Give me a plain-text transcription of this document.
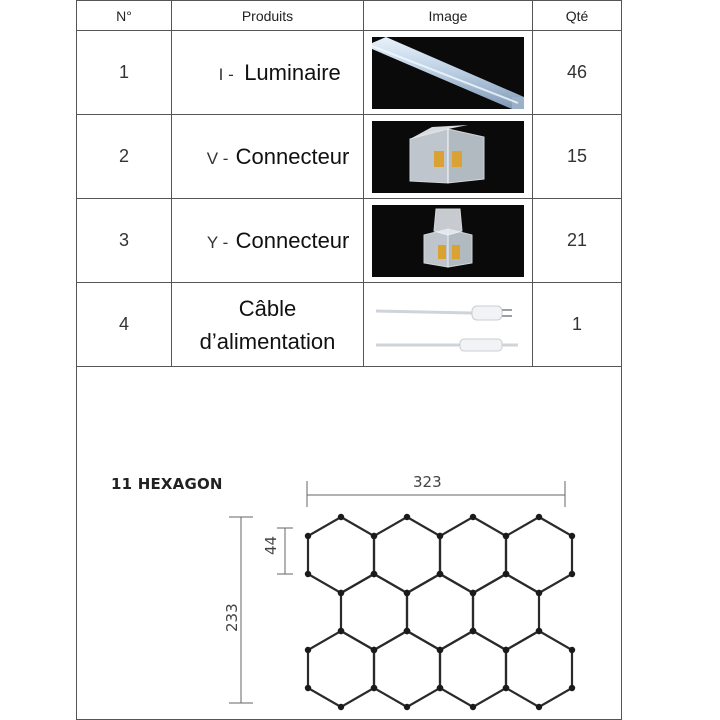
N°	Produits	Image	Qté
1	I - Luminaire		46
2	V - Connecteur		15
3	Y - Connecteur		21
4	Câble
d’alimentation		1
11 HEXAGON	323
44
233
